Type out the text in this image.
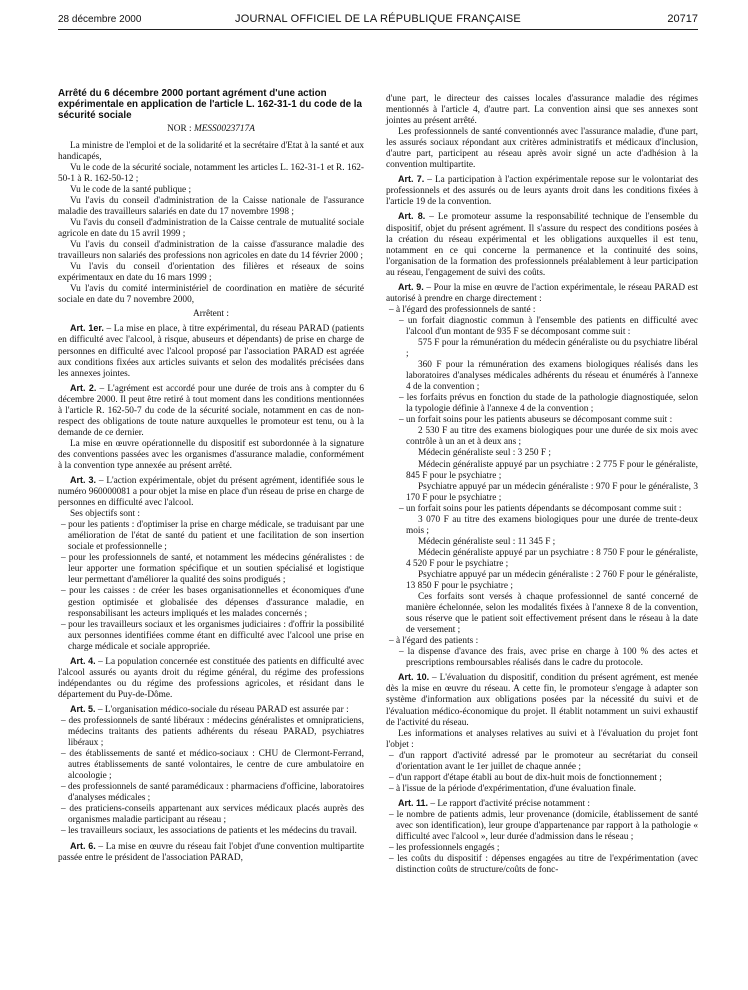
28 décembre 2000	JOURNAL OFFICIEL DE LA RÉPUBLIQUE FRANÇAISE	20717

Arrêté du 6 décembre 2000 portant agrément d'une action expérimentale en application de l'article L. 162-31-1 du code de la sécurité sociale

NOR : MESS0023717A

La ministre de l'emploi et de la solidarité et la secrétaire d'Etat à la santé et aux handicapés,

Vu le code de la sécurité sociale, notamment les articles L. 162-31-1 et R. 162-50-1 à R. 162-50-12 ;

Vu le code de la santé publique ;

Vu l'avis du conseil d'administration de la Caisse nationale de l'assurance maladie des travailleurs salariés en date du 17 novembre 1998 ;

Vu l'avis du conseil d'administration de la Caisse centrale de mutualité sociale agricole en date du 15 avril 1999 ;

Vu l'avis du conseil d'administration de la caisse d'assurance maladie des travailleurs non salariés des professions non agricoles en date du 14 février 2000 ;

Vu l'avis du conseil d'orientation des filières et réseaux de soins expérimentaux en date du 16 mars 1999 ;

Vu l'avis du comité interministériel de coordination en matière de sécurité sociale en date du 7 novembre 2000,

Arrêtent :

Art. 1er. – La mise en place, à titre expérimental, du réseau PARAD (patients en difficulté avec l'alcool, à risque, abuseurs et dépendants) de prise en charge de personnes en difficulté avec l'alcool proposé par l'association PARAD est agréée aux conditions fixées aux articles suivants et selon des modalités précisées dans les annexes jointes.

Art. 2. – L'agrément est accordé pour une durée de trois ans à compter du 6 décembre 2000. Il peut être retiré à tout moment dans les conditions mentionnées à l'article R. 162-50-7 du code de la sécurité sociale, notamment en cas de non-respect des obligations de toute nature auxquelles le promoteur est tenu, ou à la demande de ce dernier.

La mise en œuvre opérationnelle du dispositif est subordonnée à la signature des conventions passées avec les organismes d'assurance maladie, conformément à la convention type annexée au présent arrêté.

Art. 3. – L'action expérimentale, objet du présent agrément, identifiée sous le numéro 960000081 a pour objet la mise en place d'un réseau de prise en charge de personnes en difficulté avec l'alcool.

Ses objectifs sont :

– pour les patients : d'optimiser la prise en charge médicale, se traduisant par une amélioration de l'état de santé du patient et une facilitation de son insertion sociale et professionnelle ;

– pour les professionnels de santé, et notamment les médecins généralistes : de leur apporter une formation spécifique et un soutien spécialisé et logistique leur permettant d'améliorer la qualité des soins prodigués ;

– pour les caisses : de créer les bases organisationnelles et économiques d'une gestion optimisée et globalisée des dépenses d'assurance maladie, en responsabilisant les acteurs impliqués et les malades concernés ;

– pour les travailleurs sociaux et les organismes judiciaires : d'offrir la possibilité aux personnes identifiées comme étant en difficulté avec l'alcool une prise en charge médicale et sociale appropriée.

Art. 4. – La population concernée est constituée des patients en difficulté avec l'alcool assurés ou ayants droit du régime général, du régime des professions indépendantes ou du régime des professions agricoles, et résidant dans le département du Puy-de-Dôme.

Art. 5. – L'organisation médico-sociale du réseau PARAD est assurée par :

– des professionnels de santé libéraux : médecins généralistes et omnipraticiens, médecins traitants des patients adhérents du réseau PARAD, psychiatres libéraux ;

– des établissements de santé et médico-sociaux : CHU de Clermont-Ferrand, autres établissements de santé volontaires, le centre de cure ambulatoire en alcoologie ;

– des professionnels de santé paramédicaux : pharmaciens d'officine, laboratoires d'analyses médicales ;

– des praticiens-conseils appartenant aux services médicaux placés auprès des organismes maladie participant au réseau ;

– les travailleurs sociaux, les associations de patients et les médecins du travail.

Art. 6. – La mise en œuvre du réseau fait l'objet d'une convention multipartite passée entre le président de l'association PARAD,

d'une part, le directeur des caisses locales d'assurance maladie des régimes mentionnés à l'article 4, d'autre part. La convention ainsi que ses annexes sont jointes au présent arrêté.

Les professionnels de santé conventionnés avec l'assurance maladie, d'une part, les assurés sociaux répondant aux critères administratifs et médicaux d'inclusion, d'autre part, participent au réseau après avoir signé un acte d'adhésion à la convention multipartite.

Art. 7. – La participation à l'action expérimentale repose sur le volontariat des professionnels et des assurés ou de leurs ayants droit dans les conditions fixées à l'article 19 de la convention.

Art. 8. – Le promoteur assume la responsabilité technique de l'ensemble du dispositif, objet du présent agrément. Il s'assure du respect des conditions posées à la création du réseau expérimental et les obligations auxquelles il est tenu, notamment en ce qui concerne la permanence et la continuité des soins, l'organisation de la formation des professionnels préalablement à leur participation au réseau, l'engagement de suivi des coûts.

Art. 9. – Pour la mise en œuvre de l'action expérimentale, le réseau PARAD est autorisé à prendre en charge directement :

– à l'égard des professionnels de santé :

– un forfait diagnostic commun à l'ensemble des patients en difficulté avec l'alcool d'un montant de 935 F se décomposant comme suit :

575 F pour la rémunération du médecin généraliste ou du psychiatre libéral ;

360 F pour la rémunération des examens biologiques réalisés dans les laboratoires d'analyses médicales adhérents du réseau et énumérés à l'annexe 4 de la convention ;

– les forfaits prévus en fonction du stade de la pathologie diagnostiquée, selon la typologie définie à l'annexe 4 de la convention ;

– un forfait soins pour les patients abuseurs se décomposant comme suit :

2 530 F au titre des examens biologiques pour une durée de six mois avec contrôle à un an et à deux ans ;

Médecin généraliste seul : 3 250 F ;

Médecin généraliste appuyé par un psychiatre : 2 775 F pour le généraliste, 845 F pour le psychiatre ;

Psychiatre appuyé par un médecin généraliste : 970 F pour le généraliste, 3 170 F pour le psychiatre ;

– un forfait soins pour les patients dépendants se décomposant comme suit :

3 070 F au titre des examens biologiques pour une durée de trente-deux mois ;

Médecin généraliste seul : 11 345 F ;

Médecin généraliste appuyé par un psychiatre : 8 750 F pour le généraliste, 4 520 F pour le psychiatre ;

Psychiatre appuyé par un médecin généraliste : 2 760 F pour le généraliste, 13 850 F pour le psychiatre ;

Ces forfaits sont versés à chaque professionnel de santé concerné de manière échelonnée, selon les modalités fixées à l'annexe 8 de la convention, sous réserve que le patient soit effectivement présent dans le réseau à la date de versement ;

– à l'égard des patients :

– la dispense d'avance des frais, avec prise en charge à 100 % des actes et prescriptions remboursables réalisés dans le cadre du protocole.

Art. 10. – L'évaluation du dispositif, condition du présent agrément, est menée dès la mise en œuvre du réseau. A cette fin, le promoteur s'engage à adapter son système d'information aux obligations posées par la nécessité du suivi et de l'évaluation médico-économique du projet. Il établit notamment un suivi exhaustif de l'activité du réseau.

Les informations et analyses relatives au suivi et à l'évaluation du projet font l'objet :

– d'un rapport d'activité adressé par le promoteur au secrétariat du conseil d'orientation avant le 1er juillet de chaque année ;

– d'un rapport d'étape établi au bout de dix-huit mois de fonctionnement ;

– à l'issue de la période d'expérimentation, d'une évaluation finale.

Art. 11. – Le rapport d'activité précise notamment :

– le nombre de patients admis, leur provenance (domicile, établissement de santé avec son identification), leur groupe d'appartenance par rapport à la pathologie « difficulté avec l'alcool », leur durée d'admission dans le réseau ;

– les professionnels engagés ;

– les coûts du dispositif : dépenses engagées au titre de l'expérimentation (avec distinction coûts de structure/coûts de fonc-
